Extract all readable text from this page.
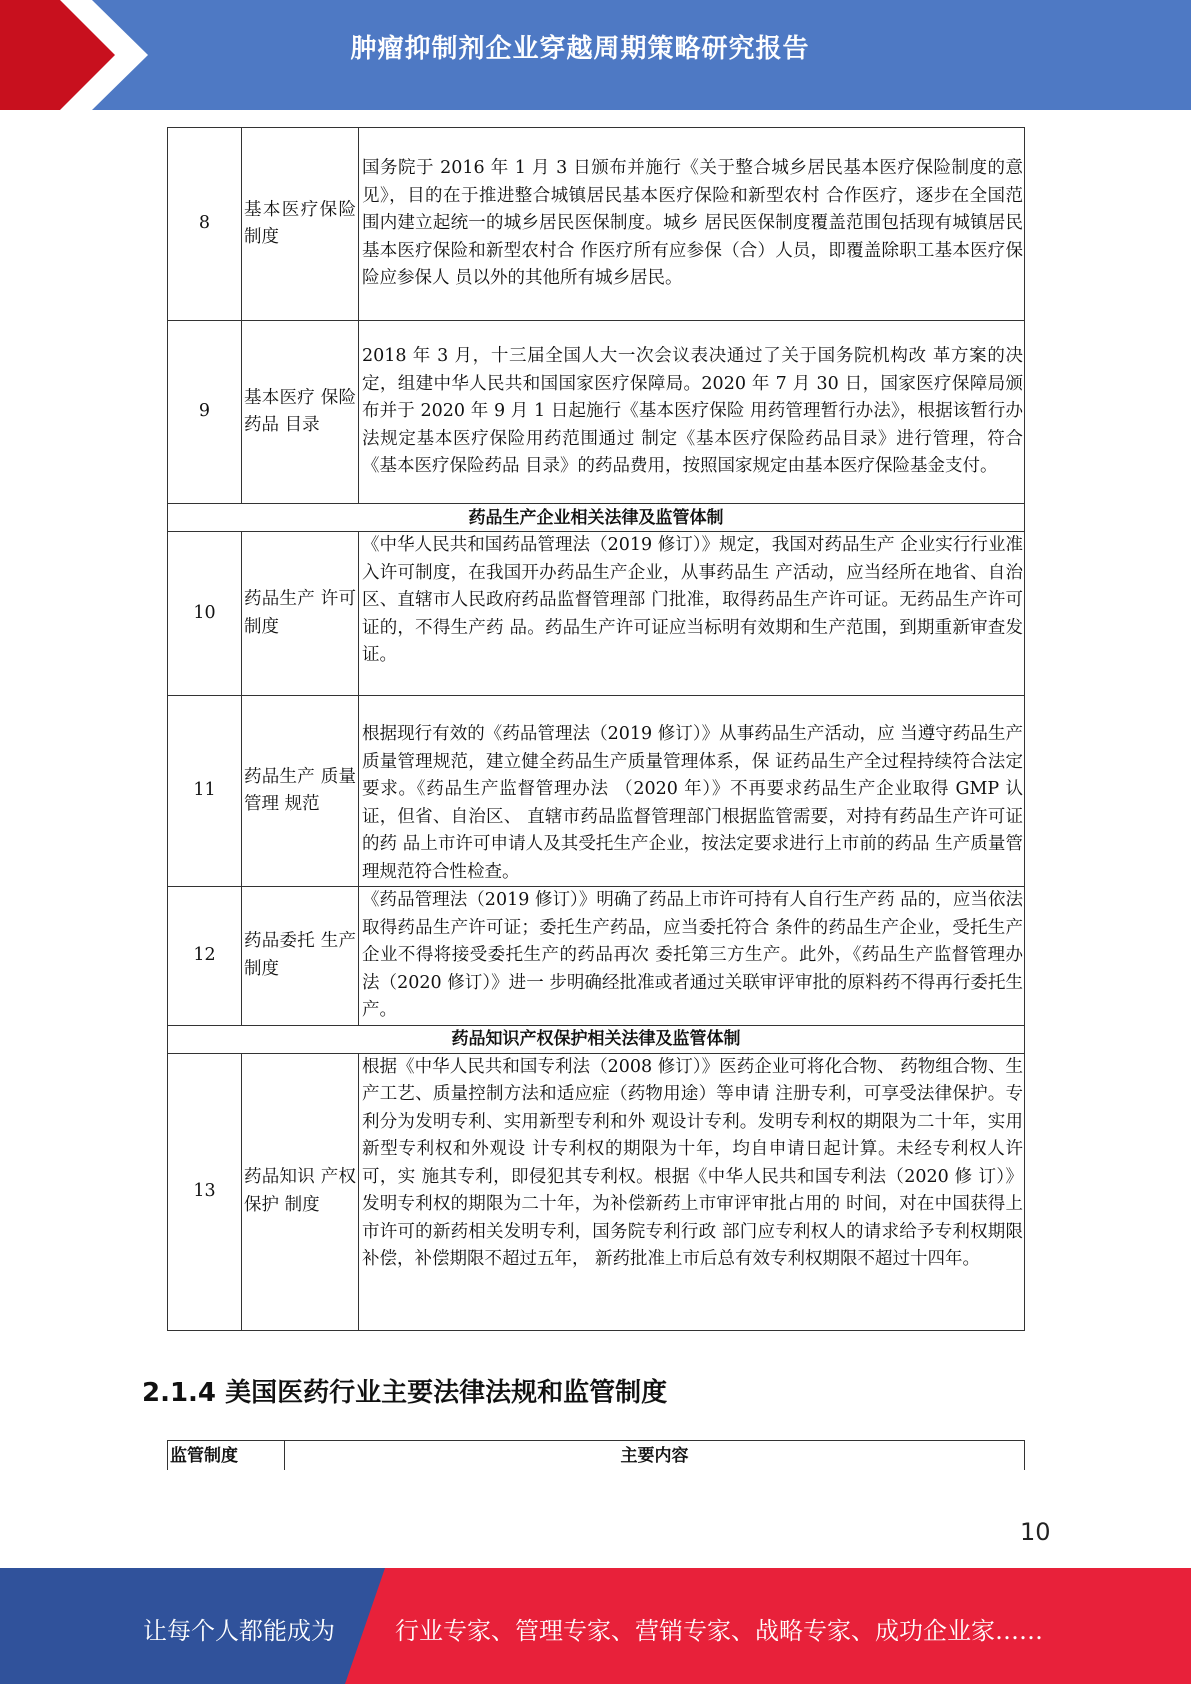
肿瘤抑制剂企业穿越周期策略研究报告
8	基本医疗保险制度	国务院于 2016 年 1 月 3 日颁布并施行《关于整合城乡居民基本医疗保险制度的意见》，目的在于推进整合城镇居民基本医疗保险和新型农村 合作医疗，逐步在全国范围内建立起统一的城乡居民医保制度。城乡 居民医保制度覆盖范围包括现有城镇居民基本医疗保险和新型农村合 作医疗所有应参保（合）人员，即覆盖除职工基本医疗保险应参保人 员以外的其他所有城乡居民。
9	基本医疗 保险药品 目录	2018 年 3 月，十三届全国人大一次会议表决通过了关于国务院机构改 革方案的决定，组建中华人民共和国国家医疗保障局。2020 年 7 月 30 日，国家医疗保障局颁布并于 2020 年 9 月 1 日起施行《基本医疗保险 用药管理暂行办法》，根据该暂行办法规定基本医疗保险用药范围通过 制定《基本医疗保险药品目录》进行管理，符合《基本医疗保险药品 目录》的药品费用，按照国家规定由基本医疗保险基金支付。
药品生产企业相关法律及监管体制		
10	药品生产 许可制度	《中华人民共和国药品管理法（2019 修订）》规定，我国对药品生产 企业实行行业准入许可制度，在我国开办药品生产企业，从事药品生 产活动，应当经所在地省、自治区、直辖市人民政府药品监督管理部 门批准，取得药品生产许可证。无药品生产许可证的，不得生产药 品。药品生产许可证应当标明有效期和生产范围，到期重新审查发 证。
11	药品生产 质量管理 规范	根据现行有效的《药品管理法（2019 修订）》从事药品生产活动，应 当遵守药品生产质量管理规范，建立健全药品生产质量管理体系，保 证药品生产全过程持续符合法定要求。《药品生产监督管理办法 （2020 年）》不再要求药品生产企业取得 GMP 认证，但省、自治区、 直辖市药品监督管理部门根据监管需要，对持有药品生产许可证的药 品上市许可申请人及其受托生产企业，按法定要求进行上市前的药品 生产质量管理规范符合性检查。
12	药品委托 生产制度	《药品管理法（2019 修订）》明确了药品上市许可持有人自行生产药 品的，应当依法取得药品生产许可证；委托生产药品，应当委托符合 条件的药品生产企业，受托生产企业不得将接受委托生产的药品再次 委托第三方生产。此外，《药品生产监督管理办法（2020 修订）》进一 步明确经批准或者通过关联审评审批的原料药不得再行委托生产。
药品知识产权保护相关法律及监管体制		
13	药品知识 产权保护 制度	根据《中华人民共和国专利法（2008 修订）》医药企业可将化合物、 药物组合物、生产工艺、质量控制方法和适应症（药物用途）等申请 注册专利，可享受法律保护。专利分为发明专利、实用新型专利和外 观设计专利。发明专利权的期限为二十年，实用新型专利权和外观设 计专利权的期限为十年，均自申请日起计算。未经专利权人许可，实 施其专利，即侵犯其专利权。根据《中华人民共和国专利法（2020 修 订）》发明专利权的期限为二十年，为补偿新药上市审评审批占用的 时间，对在中国获得上市许可的新药相关发明专利，国务院专利行政 部门应专利权人的请求给予专利权期限补偿，补偿期限不超过五年， 新药批准上市后总有效专利权期限不超过十四年。
2.1.4 美国医药行业主要法律法规和监管制度
监管制度	主要内容
10
让每个人都能成为	行业专家、管理专家、营销专家、战略专家、成功企业家……
